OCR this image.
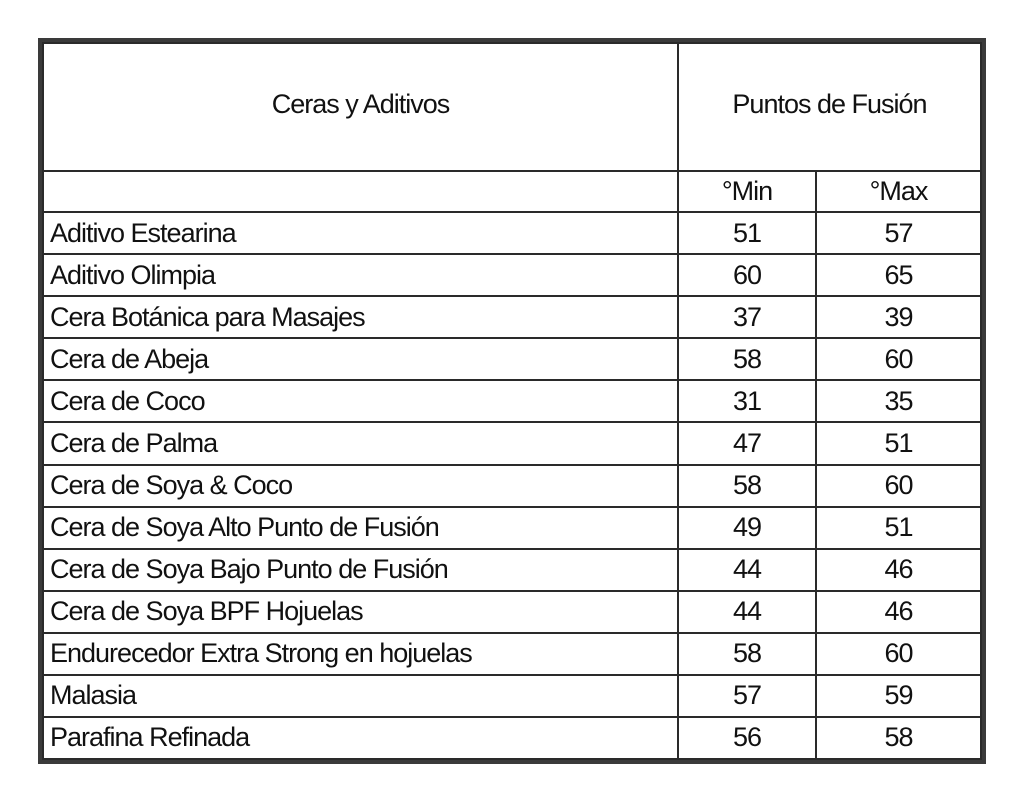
Ceras y Aditivos	Puntos de Fusión	
	°Min	°Max
Aditivo Estearina	51	57
Aditivo Olimpia	60	65
Cera Botánica para Masajes	37	39
Cera de Abeja	58	60
Cera de Coco	31	35
Cera de Palma	47	51
Cera de Soya & Coco	58	60
Cera de Soya Alto Punto de Fusión	49	51
Cera de Soya Bajo Punto de Fusión	44	46
Cera de Soya BPF Hojuelas	44	46
Endurecedor Extra Strong en hojuelas	58	60
Malasia	57	59
Parafina Refinada	56	58
